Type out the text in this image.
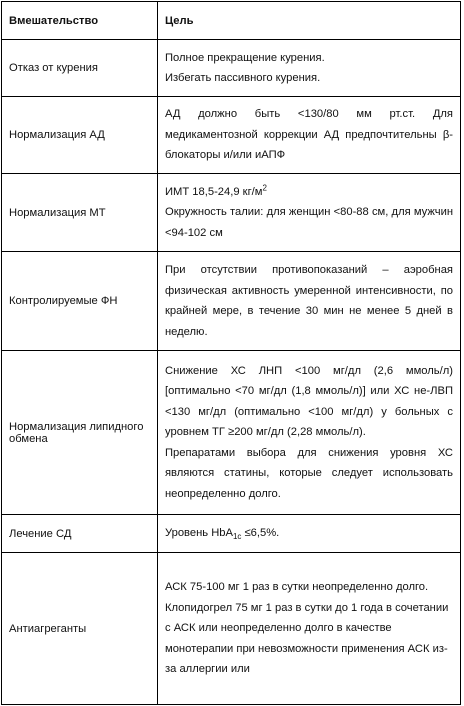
Вмешательство	Цель
Отказ от курения	Полное прекращение курения.
Избегать пассивного курения.

Нормализация АД	АД должно быть <130/80 мм рт.ст. Для медикаментозной коррекции АД предпочтительны β-блокаторы и/или иАПФ
Нормализация МТ	ИМТ 18,5-24,9 $кг/м^2$
Окружность талии: для женщин <80-88 см, для мужчин <94-102 см

Контролируемые ФН	При отсутствии противопоказаний – аэробная физическая активность умеренной интенсивности, по крайней мере, в течение 30 мин не менее 5 дней в неделю.
Нормализация липидного обмена	Снижение ХС ЛНП <100 мг/дл (2,6 ммоль/л) [оптимально <70 мг/дл (1,8 ммоль/л)] или ХС не-ЛВП <130 мг/дл (оптимально <100 мг/дл) у больных с уровнем ТГ ≥200 мг/дл (2,28 ммоль/л).
Препаратами выбора для снижения уровня ХС являются статины, которые следует использовать неопределенно долго.

Лечение СД	Уровень HbA$_{1c}$ ≤6,5%.
Антиагреганты	АСК 75-100 мг 1 раз в сутки неопределенно долго.
Клопидогрел 75 мг 1 раз в сутки до 1 года в сочетании с АСК или неопределенно долго в качестве монотерапии при невозможности применения АСК из-за аллергии или
